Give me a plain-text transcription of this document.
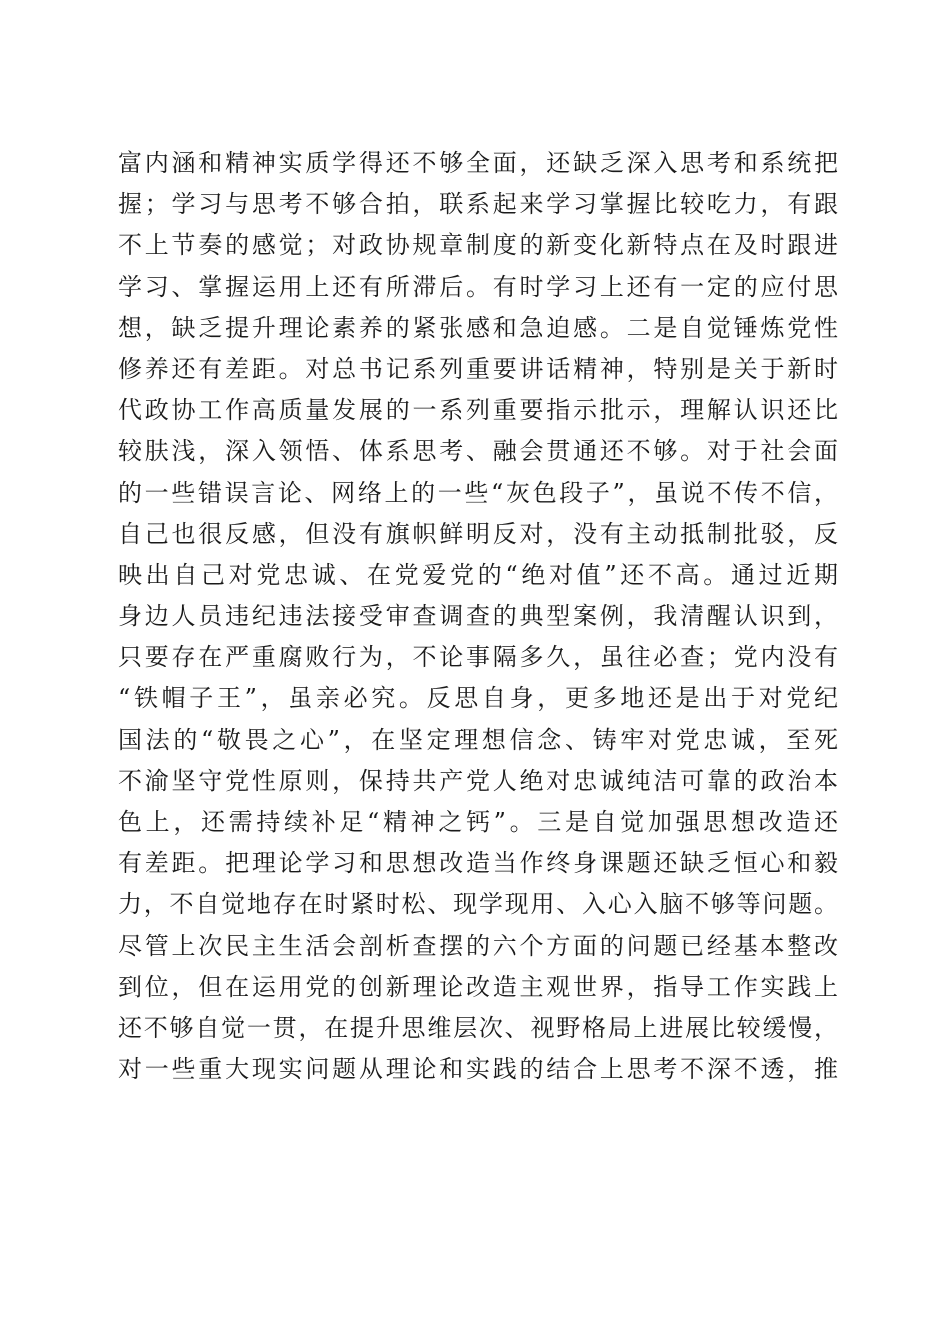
富内涵和精神实质学得还不够全面，还缺乏深入思考和系统把
握；学习与思考不够合拍，联系起来学习掌握比较吃力，有跟
不上节奏的感觉；对政协规章制度的新变化新特点在及时跟进
学习、掌握运用上还有所滞后。有时学习上还有一定的应付思
想，缺乏提升理论素养的紧张感和急迫感。二是自觉锤炼党性
修养还有差距。对总书记系列重要讲话精神，特别是关于新时
代政协工作高质量发展的一系列重要指示批示，理解认识还比
较肤浅，深入领悟、体系思考、融会贯通还不够。对于社会面
的一些错误言论、网络上的一些“灰色段子”，虽说不传不信，
自己也很反感，但没有旗帜鲜明反对，没有主动抵制批驳，反
映出自己对党忠诚、在党爱党的“绝对值”还不高。通过近期
身边人员违纪违法接受审查调查的典型案例，我清醒认识到，
只要存在严重腐败行为，不论事隔多久，虽往必查；党内没有
“铁帽子王”，虽亲必究。反思自身，更多地还是出于对党纪
国法的“敬畏之心”，在坚定理想信念、铸牢对党忠诚，至死
不渝坚守党性原则，保持共产党人绝对忠诚纯洁可靠的政治本
色上，还需持续补足“精神之钙”。三是自觉加强思想改造还
有差距。把理论学习和思想改造当作终身课题还缺乏恒心和毅
力，不自觉地存在时紧时松、现学现用、入心入脑不够等问题。
尽管上次民主生活会剖析查摆的六个方面的问题已经基本整改
到位，但在运用党的创新理论改造主观世界，指导工作实践上
还不够自觉一贯，在提升思维层次、视野格局上进展比较缓慢，
对一些重大现实问题从理论和实践的结合上思考不深不透，推
